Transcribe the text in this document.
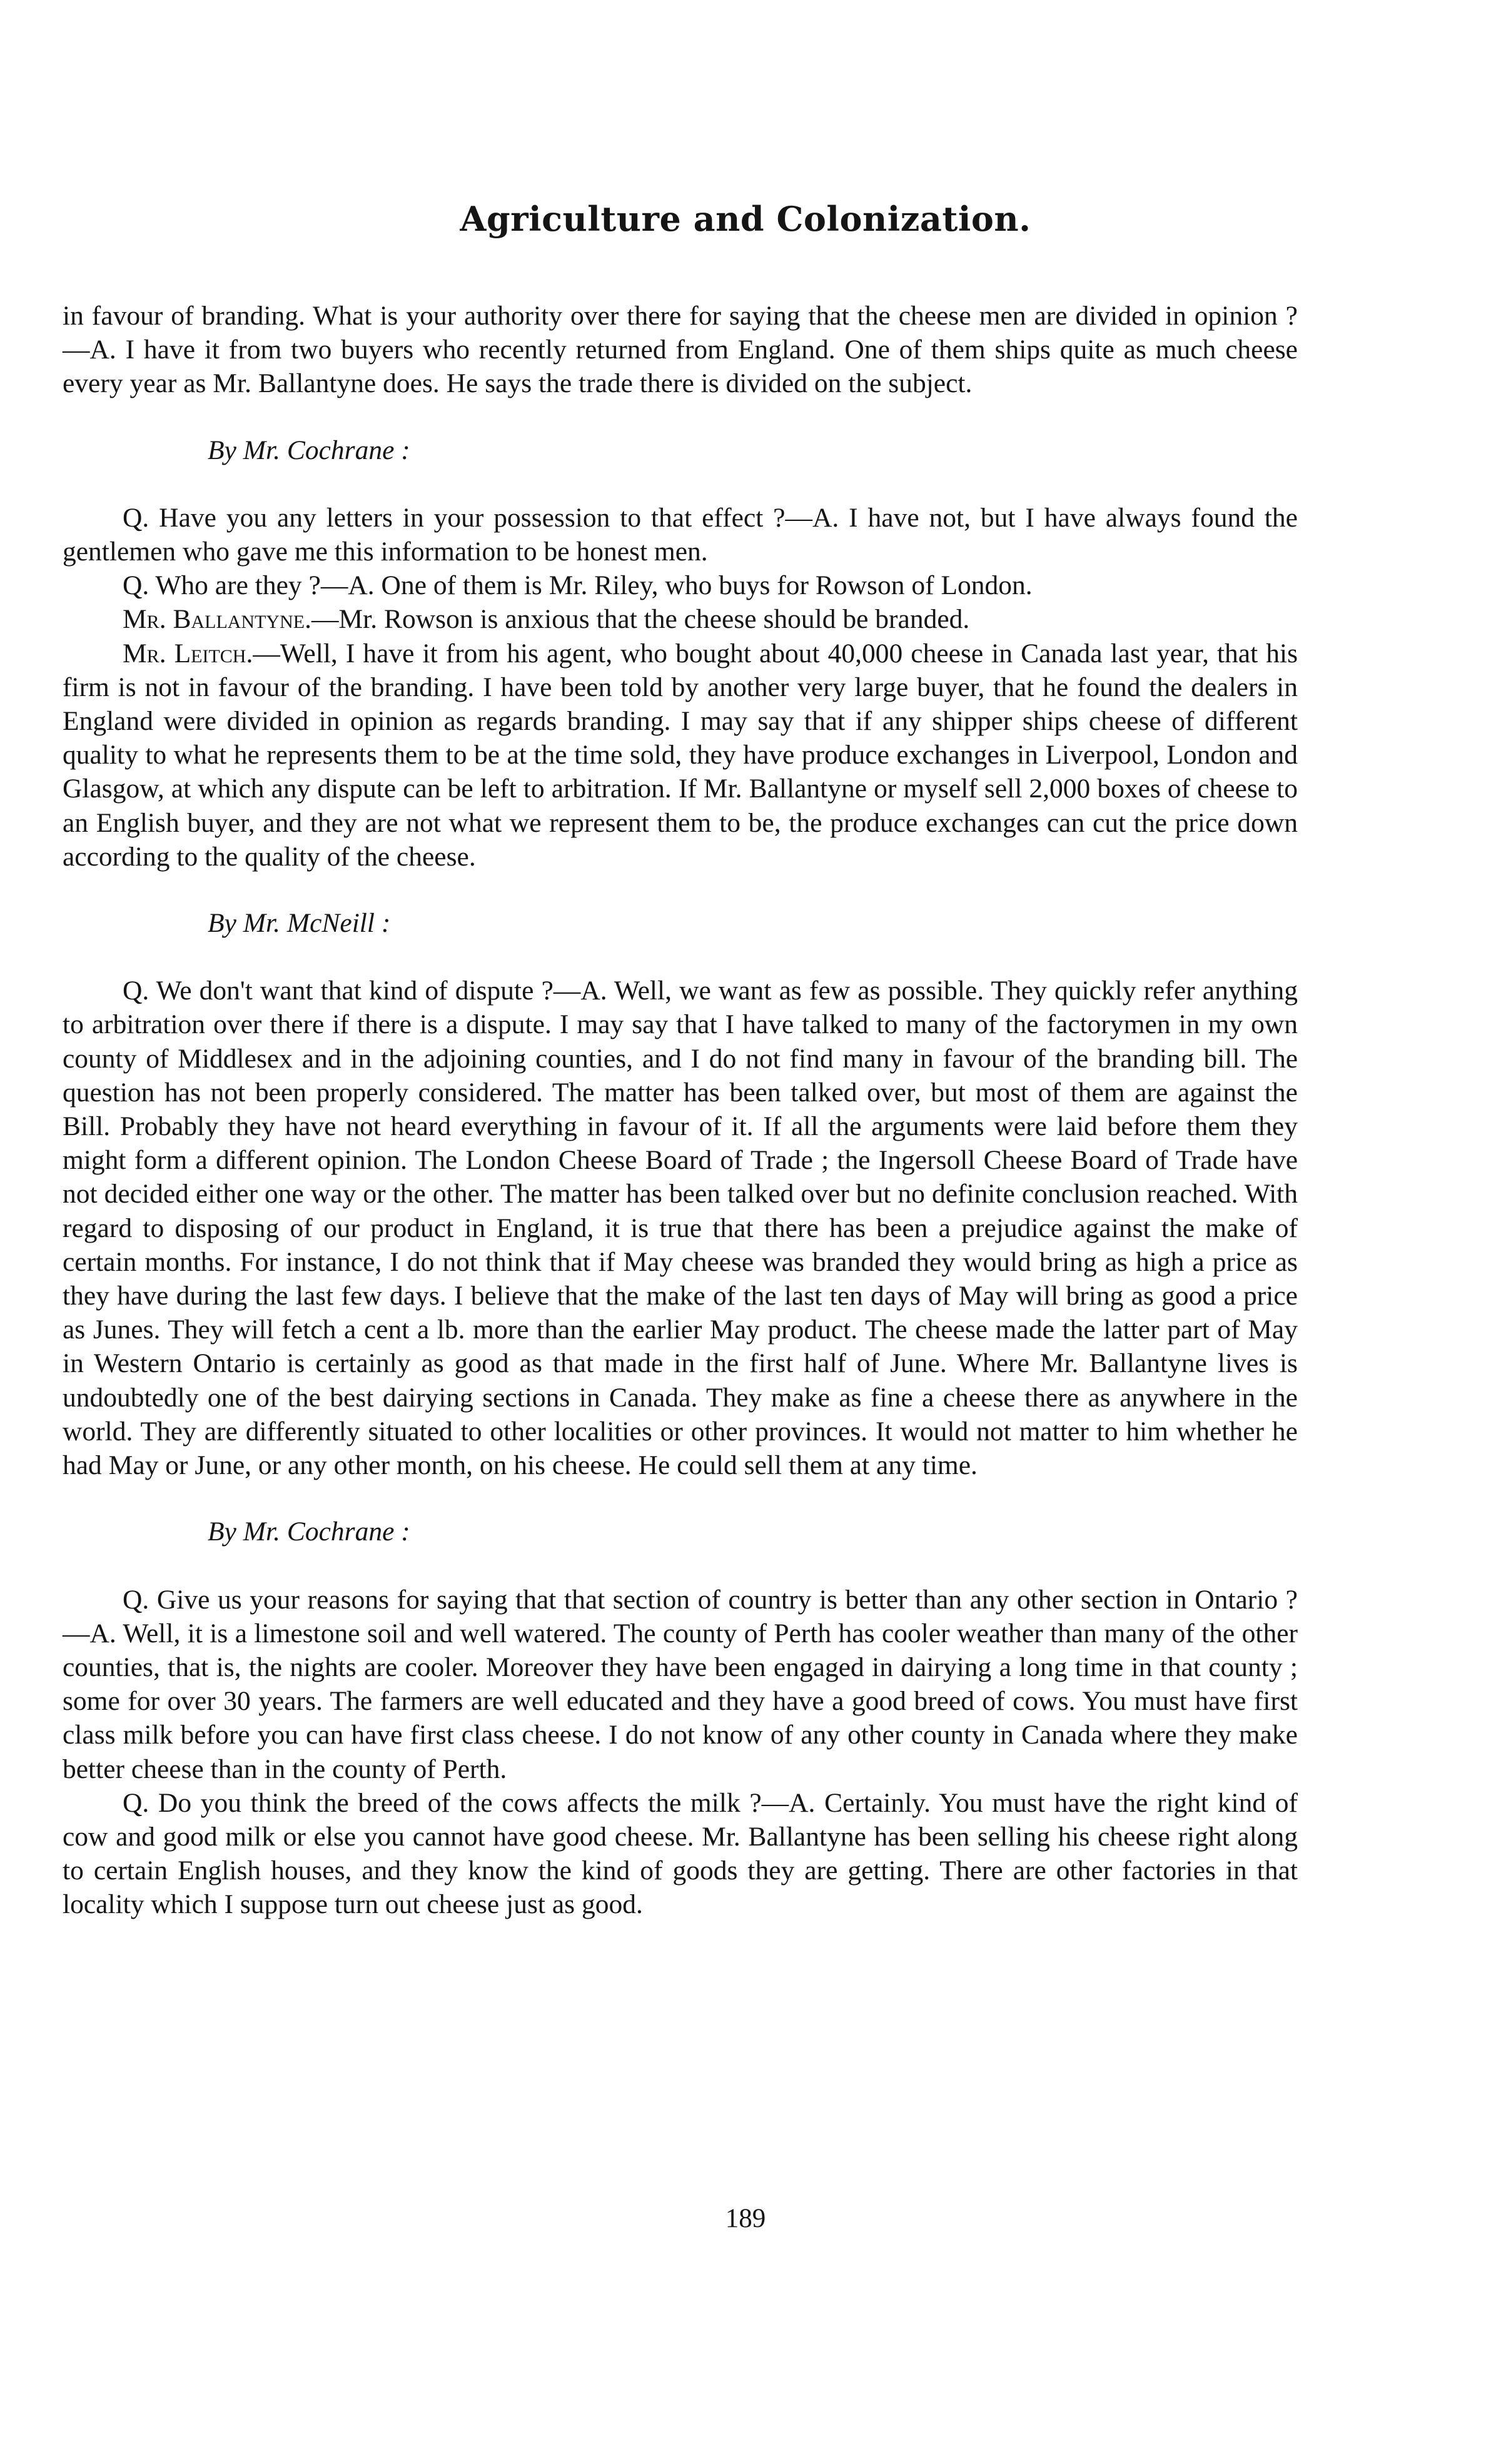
Agriculture and Colonization.

in favour of branding. What is your authority over there for saying that the cheese men are divided in opinion ?—A. I have it from two buyers who recently returned from England. One of them ships quite as much cheese every year as Mr. Ballantyne does. He says the trade there is divided on the subject.

By Mr. Cochrane :

Q. Have you any letters in your possession to that effect ?—A. I have not, but I have always found the gentlemen who gave me this information to be honest men.

Q. Who are they ?—A. One of them is Mr. Riley, who buys for Rowson of London.

Mr. Ballantyne.—Mr. Rowson is anxious that the cheese should be branded.

Mr. Leitch.—Well, I have it from his agent, who bought about 40,000 cheese in Canada last year, that his firm is not in favour of the branding. I have been told by another very large buyer, that he found the dealers in England were divided in opinion as regards branding. I may say that if any shipper ships cheese of different quality to what he represents them to be at the time sold, they have produce exchanges in Liverpool, London and Glasgow, at which any dispute can be left to arbitration. If Mr. Ballantyne or myself sell 2,000 boxes of cheese to an English buyer, and they are not what we represent them to be, the produce exchanges can cut the price down according to the quality of the cheese.

By Mr. McNeill :

Q. We don't want that kind of dispute ?—A. Well, we want as few as possible. They quickly refer anything to arbitration over there if there is a dispute. I may say that I have talked to many of the factorymen in my own county of Middlesex and in the adjoining counties, and I do not find many in favour of the branding bill. The question has not been properly considered. The matter has been talked over, but most of them are against the Bill. Probably they have not heard everything in favour of it. If all the arguments were laid before them they might form a different opinion. The London Cheese Board of Trade ; the Ingersoll Cheese Board of Trade have not decided either one way or the other. The matter has been talked over but no definite conclusion reached. With regard to disposing of our product in England, it is true that there has been a prejudice against the make of certain months. For instance, I do not think that if May cheese was branded they would bring as high a price as they have during the last few days. I believe that the make of the last ten days of May will bring as good a price as Junes. They will fetch a cent a lb. more than the earlier May product. The cheese made the latter part of May in Western Ontario is certainly as good as that made in the first half of June. Where Mr. Ballantyne lives is undoubtedly one of the best dairying sections in Canada. They make as fine a cheese there as anywhere in the world. They are differently situated to other localities or other provinces. It would not matter to him whether he had May or June, or any other month, on his cheese. He could sell them at any time.

By Mr. Cochrane :

Q. Give us your reasons for saying that that section of country is better than any other section in Ontario ?—A. Well, it is a limestone soil and well watered. The county of Perth has cooler weather than many of the other counties, that is, the nights are cooler. Moreover they have been engaged in dairying a long time in that county ; some for over 30 years. The farmers are well educated and they have a good breed of cows. You must have first class milk before you can have first class cheese. I do not know of any other county in Canada where they make better cheese than in the county of Perth.

Q. Do you think the breed of the cows affects the milk ?—A. Certainly. You must have the right kind of cow and good milk or else you cannot have good cheese. Mr. Ballantyne has been selling his cheese right along to certain English houses, and they know the kind of goods they are getting. There are other factories in that locality which I suppose turn out cheese just as good.

189
